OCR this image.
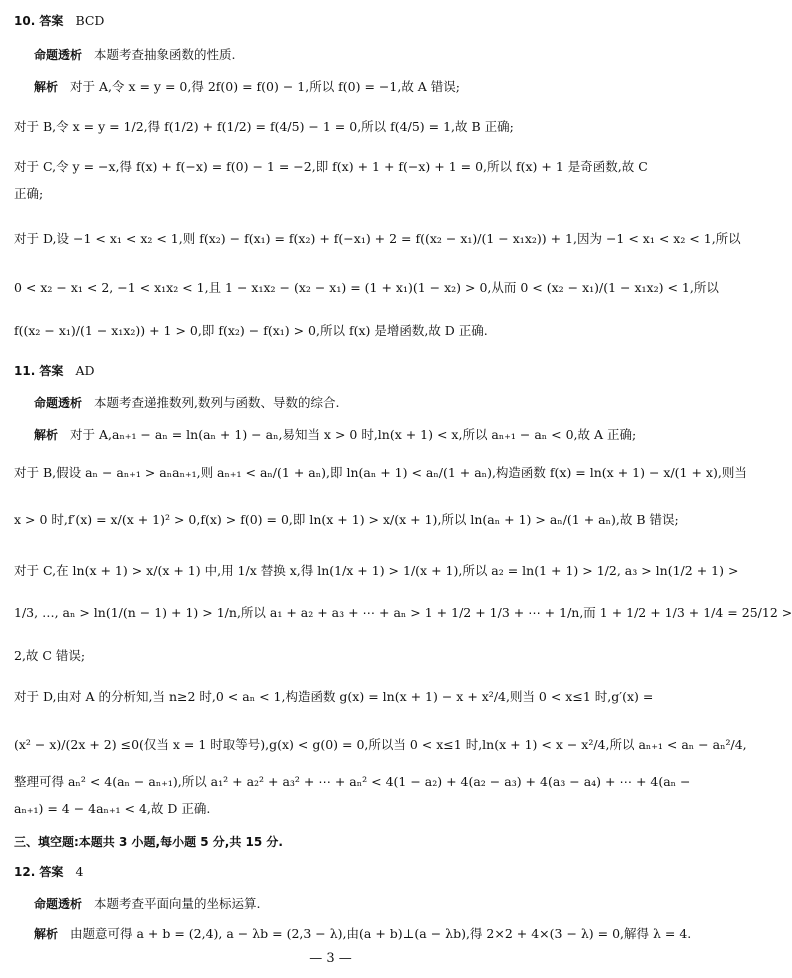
10. 答案 BCD
命题透析 本题考查抽象函数的性质.
解析 对于 A,令 x = y = 0,得 2f(0) = f(0) − 1,所以 f(0) = −1,故 A 错误;
对于 B,令 x = y = 1/2,得 f(1/2) + f(1/2) = f(4/5) − 1 = 0,所以 f(4/5) = 1,故 B 正确;
对于 C,令 y = −x,得 f(x) + f(−x) = f(0) − 1 = −2,即 f(x) + 1 + f(−x) + 1 = 0,所以 f(x) + 1 是奇函数,故 C
正确;
对于 D,设 −1 < x₁ < x₂ < 1,则 f(x₂) − f(x₁) = f(x₂) + f(−x₁) + 2 = f((x₂ − x₁)/(1 − x₁x₂)) + 1,因为 −1 < x₁ < x₂ < 1,所以
0 < x₂ − x₁ < 2, −1 < x₁x₂ < 1,且 1 − x₁x₂ − (x₂ − x₁) = (1 + x₁)(1 − x₂) > 0,从而 0 < (x₂ − x₁)/(1 − x₁x₂) < 1,所以
f((x₂ − x₁)/(1 − x₁x₂)) + 1 > 0,即 f(x₂) − f(x₁) > 0,所以 f(x) 是增函数,故 D 正确.
11. 答案 AD
命题透析 本题考查递推数列,数列与函数、导数的综合.
解析 对于 A,aₙ₊₁ − aₙ = ln(aₙ + 1) − aₙ,易知当 x > 0 时,ln(x + 1) < x,所以 aₙ₊₁ − aₙ < 0,故 A 正确;
对于 B,假设 aₙ − aₙ₊₁ > aₙaₙ₊₁,则 aₙ₊₁ < aₙ/(1 + aₙ),即 ln(aₙ + 1) < aₙ/(1 + aₙ),构造函数 f(x) = ln(x + 1) − x/(1 + x),则当
x > 0 时,f′(x) = x/(x + 1)² > 0,f(x) > f(0) = 0,即 ln(x + 1) > x/(x + 1),所以 ln(aₙ + 1) > aₙ/(1 + aₙ),故 B 错误;
对于 C,在 ln(x + 1) > x/(x + 1) 中,用 1/x 替换 x,得 ln(1/x + 1) > 1/(x + 1),所以 a₂ = ln(1 + 1) > 1/2, a₃ > ln(1/2 + 1) >
1/3, …, aₙ > ln(1/(n − 1) + 1) > 1/n,所以 a₁ + a₂ + a₃ + ⋯ + aₙ > 1 + 1/2 + 1/3 + ⋯ + 1/n,而 1 + 1/2 + 1/3 + 1/4 = 25/12 >
2,故 C 错误;
对于 D,由对 A 的分析知,当 n≥2 时,0 < aₙ < 1,构造函数 g(x) = ln(x + 1) − x + x²/4,则当 0 < x≤1 时,g′(x) =
(x² − x)/(2x + 2) ≤0(仅当 x = 1 时取等号),g(x) < g(0) = 0,所以当 0 < x≤1 时,ln(x + 1) < x − x²/4,所以 aₙ₊₁ < aₙ − aₙ²/4,
整理可得 aₙ² < 4(aₙ − aₙ₊₁),所以 a₁² + a₂² + a₃² + ⋯ + aₙ² < 4(1 − a₂) + 4(a₂ − a₃) + 4(a₃ − a₄) + ⋯ + 4(aₙ −
aₙ₊₁) = 4 − 4aₙ₊₁ < 4,故 D 正确.
三、填空题:本题共 3 小题,每小题 5 分,共 15 分.
12. 答案 4
命题透析 本题考查平面向量的坐标运算.
解析 由题意可得 a + b = (2,4), a − λb = (2,3 − λ),由(a + b)⊥(a − λb),得 2×2 + 4×(3 − λ) = 0,解得 λ = 4.
— 3 —
